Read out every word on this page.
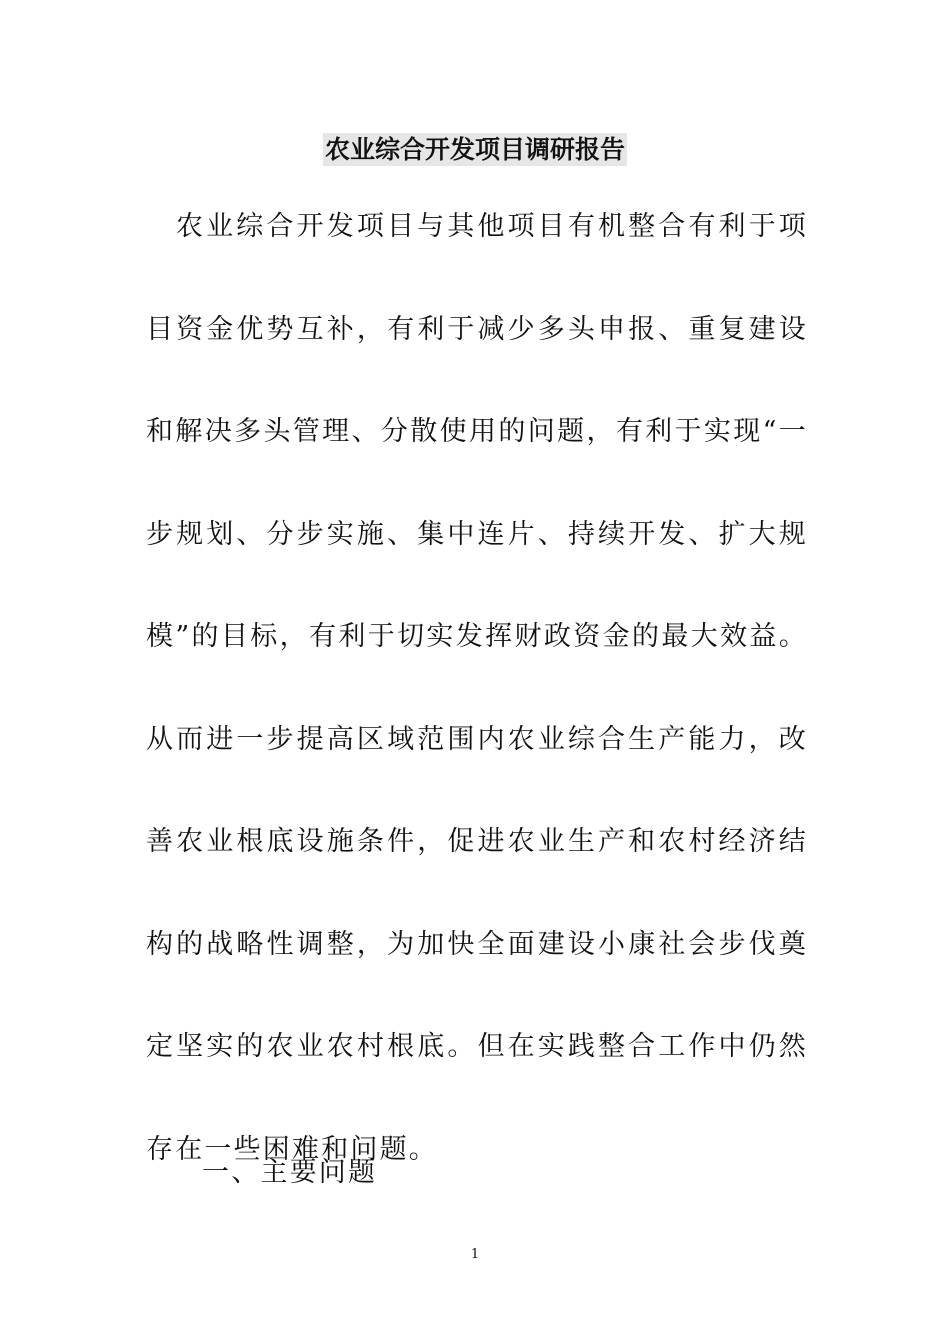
农业综合开发项目调研报告

农业综合开发项目与其他项目有机整合有利于项目资金优势互补，有利于减少多头申报、重复建设和解决多头管理、分散使用的问题，有利于实现“一步规划、分步实施、集中连片、持续开发、扩大规模”的目标，有利于切实发挥财政资金的最大效益。从而进一步提高区域范围内农业综合生产能力，改善农业根底设施条件，促进农业生产和农村经济结构的战略性调整，为加快全面建设小康社会步伐奠定坚实的农业农村根底。但在实践整合工作中仍然存在一些困难和问题。

一、主要问题

1
